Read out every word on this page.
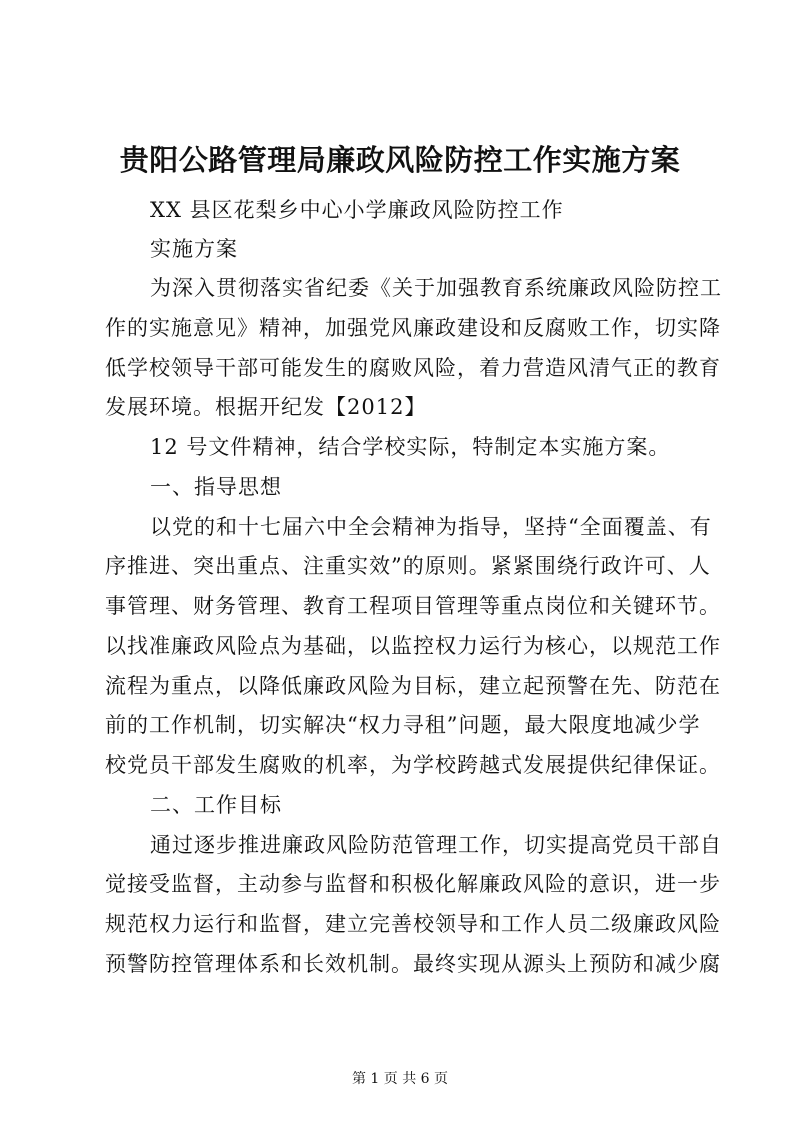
贵阳公路管理局廉政风险防控工作实施方案
XX 县区花梨乡中心小学廉政风险防控工作
实施方案
为深入贯彻落实省纪委《关于加强教育系统廉政风险防控工
作的实施意见》精神，加强党风廉政建设和反腐败工作，切实降
低学校领导干部可能发生的腐败风险，着力营造风清气正的教育
发展环境。根据开纪发【2012】
12 号文件精神，结合学校实际，特制定本实施方案。
一、指导思想
以党的和十七届六中全会精神为指导，坚持“全面覆盖、有
序推进、突出重点、注重实效”的原则。紧紧围绕行政许可、人
事管理、财务管理、教育工程项目管理等重点岗位和关键环节。
以找准廉政风险点为基础，以监控权力运行为核心，以规范工作
流程为重点，以降低廉政风险为目标，建立起预警在先、防范在
前的工作机制，切实解决“权力寻租”问题，最大限度地减少学
校党员干部发生腐败的机率，为学校跨越式发展提供纪律保证。
二、工作目标
通过逐步推进廉政风险防范管理工作，切实提高党员干部自
觉接受监督，主动参与监督和积极化解廉政风险的意识，进一步
规范权力运行和监督，建立完善校领导和工作人员二级廉政风险
预警防控管理体系和长效机制。最终实现从源头上预防和减少腐
第 1 页 共 6 页
